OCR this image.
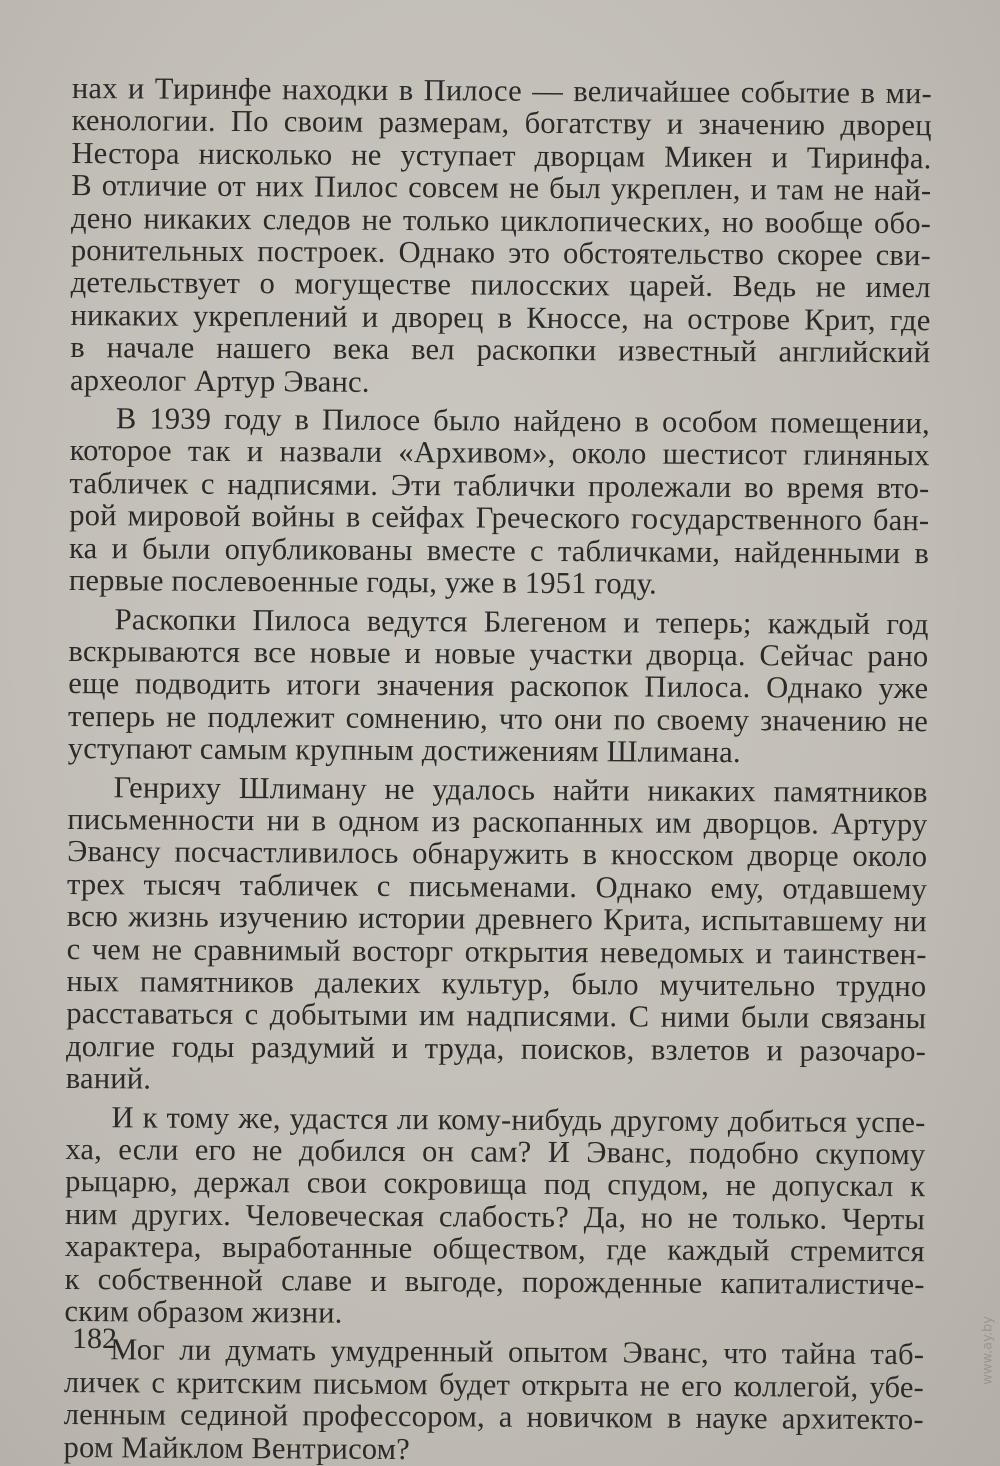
нах и Тиринфе находки в Пилосе — величайшее событие в ми-
кенологии. По своим размерам, богатству и значению дворец
Нестора нисколько не уступает дворцам Микен и Тиринфа.
В отличие от них Пилос совсем не был укреплен, и там не най-
дено никаких следов не только циклопических, но вообще обо-
ронительных построек. Однако это обстоятельство скорее сви-
детельствует о могуществе пилосских царей. Ведь не имел
никаких укреплений и дворец в Кноссе, на острове Крит, где
в начале нашего века вел раскопки известный английский
археолог Артур Эванс.
В 1939 году в Пилосе было найдено в особом помещении,
которое так и назвали «Архивом», около шестисот глиняных
табличек с надписями. Эти таблички пролежали во время вто-
рой мировой войны в сейфах Греческого государственного бан-
ка и были опубликованы вместе с табличками, найденными в
первые послевоенные годы, уже в 1951 году.
Раскопки Пилоса ведутся Блегеном и теперь; каждый год
вскрываются все новые и новые участки дворца. Сейчас рано
еще подводить итоги значения раскопок Пилоса. Однако уже
теперь не подлежит сомнению, что они по своему значению не
уступают самым крупным достижениям Шлимана.
Генриху Шлиману не удалось найти никаких памятников
письменности ни в одном из раскопанных им дворцов. Артуру
Эвансу посчастливилось обнаружить в кносском дворце около
трех тысяч табличек с письменами. Однако ему, отдавшему
всю жизнь изучению истории древнего Крита, испытавшему ни
с чем не сравнимый восторг открытия неведомых и таинствен-
ных памятников далеких культур, было мучительно трудно
расставаться с добытыми им надписями. С ними были связаны
долгие годы раздумий и труда, поисков, взлетов и разочаро-
ваний.
И к тому же, удастся ли кому-нибудь другому добиться успе-
ха, если его не добился он сам? И Эванс, подобно скупому
рыцарю, держал свои сокровища под спудом, не допускал к
ним других. Человеческая слабость? Да, но не только. Черты
характера, выработанные обществом, где каждый стремится
к собственной славе и выгоде, порожденные капиталистиче-
ским образом жизни.
Мог ли думать умудренный опытом Эванс, что тайна таб-
личек с критским письмом будет открыта не его коллегой, убе-
ленным сединой профессором, а новичком в науке архитекто-
ром Майклом Вентрисом?
182	www.ay.by
